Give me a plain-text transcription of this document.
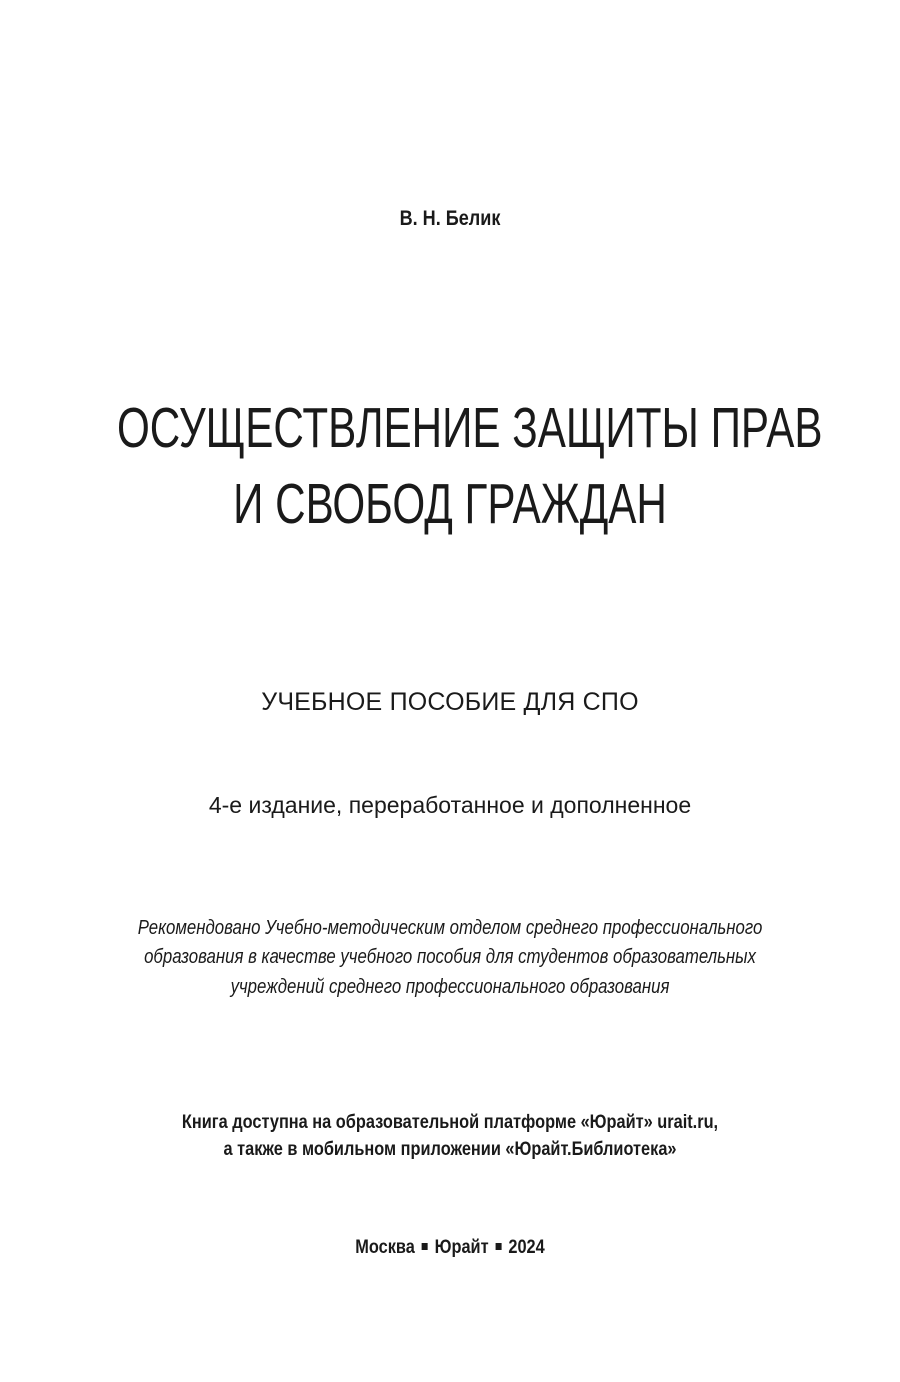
В. Н. Белик
ОСУЩЕСТВЛЕНИЕ ЗАЩИТЫ ПРАВ
И СВОБОД ГРАЖДАН
УЧЕБНОЕ ПОСОБИЕ ДЛЯ СПО
4-е издание, переработанное и дополненное
Рекомендовано Учебно-методическим отделом среднего профессионального
образования в качестве учебного пособия для студентов образовательных
учреждений среднего профессионального образования
Книга доступна на образовательной платформе «Юрайт» urait.ru,
а также в мобильном приложении «Юрайт.Библиотека»
Москва Юрайт 2024
